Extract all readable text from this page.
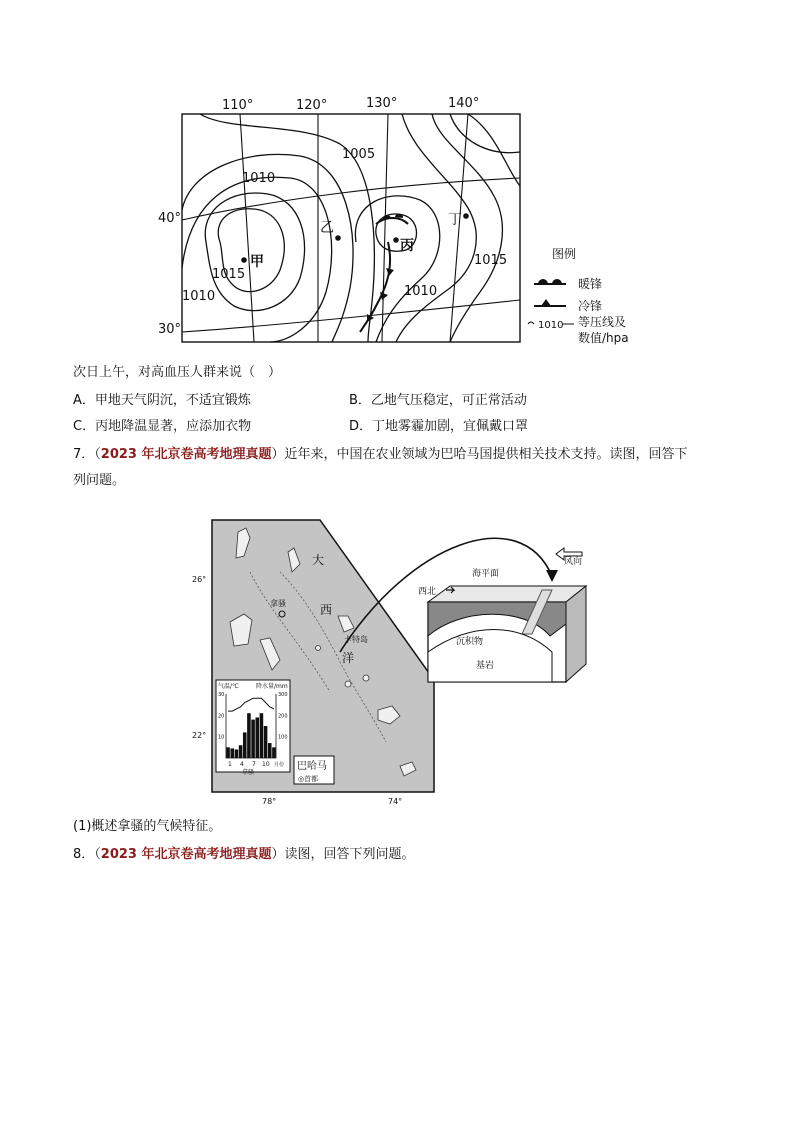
110°	120°	130°	140°
40°
30°
1005
1010
1015
1015
1010
1010
甲
乙
丙
丁
图例
暖锋
冷锋
1010 等压线及
数值/hpa
次日上午，对高血压人群来说（　）
A．甲地天气阴沉，不适宜锻炼	B．乙地气压稳定，可正常活动
C．丙地降温显著，应添加衣物	D．丁地雾霾加剧，宜佩戴口罩
7．（2023 年北京卷高考地理真题）近年来，中国在农业领域为巴哈马国提供相关技术支持。读图，回答下
列问题。
26°
22°
78°	74°
大
西
洋
拿骚
卡特岛
气温/℃	降水量/mm
30
20
10
300
200
100
1 4 7 10 月份
拿骚
巴哈马
◎首都
西北
海平面
风向
沉积物
基岩
(1)概述拿骚的气候特征。
8．（2023 年北京卷高考地理真题）读图，回答下列问题。
